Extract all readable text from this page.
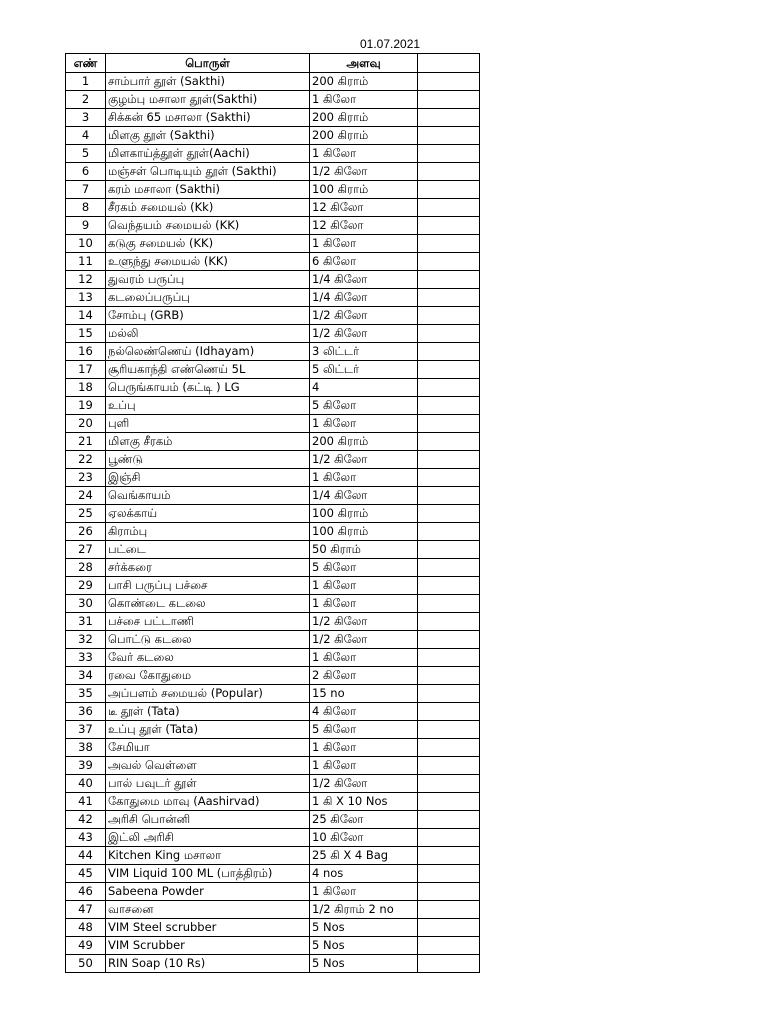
01.07.2021
எண்	பொருள்	அளவு	
1	சாம்பார் தூள் (Sakthi)	200 கிராம்	
2	குழம்பு மசாலா தூள்(Sakthi)	1 கிலோ	
3	சிக்கன் 65 மசாலா (Sakthi)	200 கிராம்	
4	மிளகு தூள் (Sakthi)	200 கிராம்	
5	மிளகாய்த்தூள் தூள்(Aachi)	1 கிலோ	
6	மஞ்சள் பொடியும் தூள் (Sakthi)	1/2 கிலோ	
7	கரம் மசாலா (Sakthi)	100 கிராம்	
8	சீரகம் சமையல் (Kk)	12 கிலோ	
9	வெந்தயம் சமையல் (KK)	12 கிலோ	
10	கடுகு சமையல் (KK)	1 கிலோ	
11	உளுந்து சமையல் (KK)	6 கிலோ	
12	துவரம் பருப்பு	1/4 கிலோ	
13	கடலைப்பருப்பு	1/4 கிலோ	
14	சோம்பு (GRB)	1/2 கிலோ	
15	மல்லி	1/2 கிலோ	
16	நல்லெண்ணெய் (Idhayam)	3 லிட்டர்	
17	சூரியகாந்தி எண்ணெய் 5L	5 லிட்டர்	
18	பெருங்காயம் (கட்டி ) LG	4	
19	உப்பு	5 கிலோ	
20	புளி	1 கிலோ	
21	மிளகு சீரகம்	200 கிராம்	
22	பூண்டு	1/2 கிலோ	
23	இஞ்சி	1 கிலோ	
24	வெங்காயம்	1/4 கிலோ	
25	ஏலக்காய்	100 கிராம்	
26	கிராம்பு	100 கிராம்	
27	பட்டை	50 கிராம்	
28	சர்க்கரை	5 கிலோ	
29	பாசி பருப்பு பச்சை	1 கிலோ	
30	கொண்டை கடலை	1 கிலோ	
31	பச்சை பட்டாணி	1/2 கிலோ	
32	பொட்டு கடலை	1/2 கிலோ	
33	வேர் கடலை	1 கிலோ	
34	ரவை கோதுமை	2 கிலோ	
35	அப்பளம் சமையல் (Popular)	15 no	
36	டீ தூள் (Tata)	4 கிலோ	
37	உப்பு தூள் (Tata)	5 கிலோ	
38	சேமியா	1 கிலோ	
39	அவல் வெள்ளை	1 கிலோ	
40	பால் பவுடர் தூள்	1/2 கிலோ	
41	கோதுமை மாவு (Aashirvad)	1 கி X 10 Nos	
42	அரிசி பொன்னி	25 கிலோ	
43	இட்லி அரிசி	10 கிலோ	
44	Kitchen King மசாலா	25 கி X 4 Bag	
45	VIM Liquid 100 ML (பாத்திரம்)	4 nos	
46	Sabeena Powder	1 கிலோ	
47	வாசனை	1/2 கிராம் 2 no	
48	VIM Steel scrubber	5 Nos	
49	VIM Scrubber	5 Nos	
50	RIN Soap (10 Rs)	5 Nos	
